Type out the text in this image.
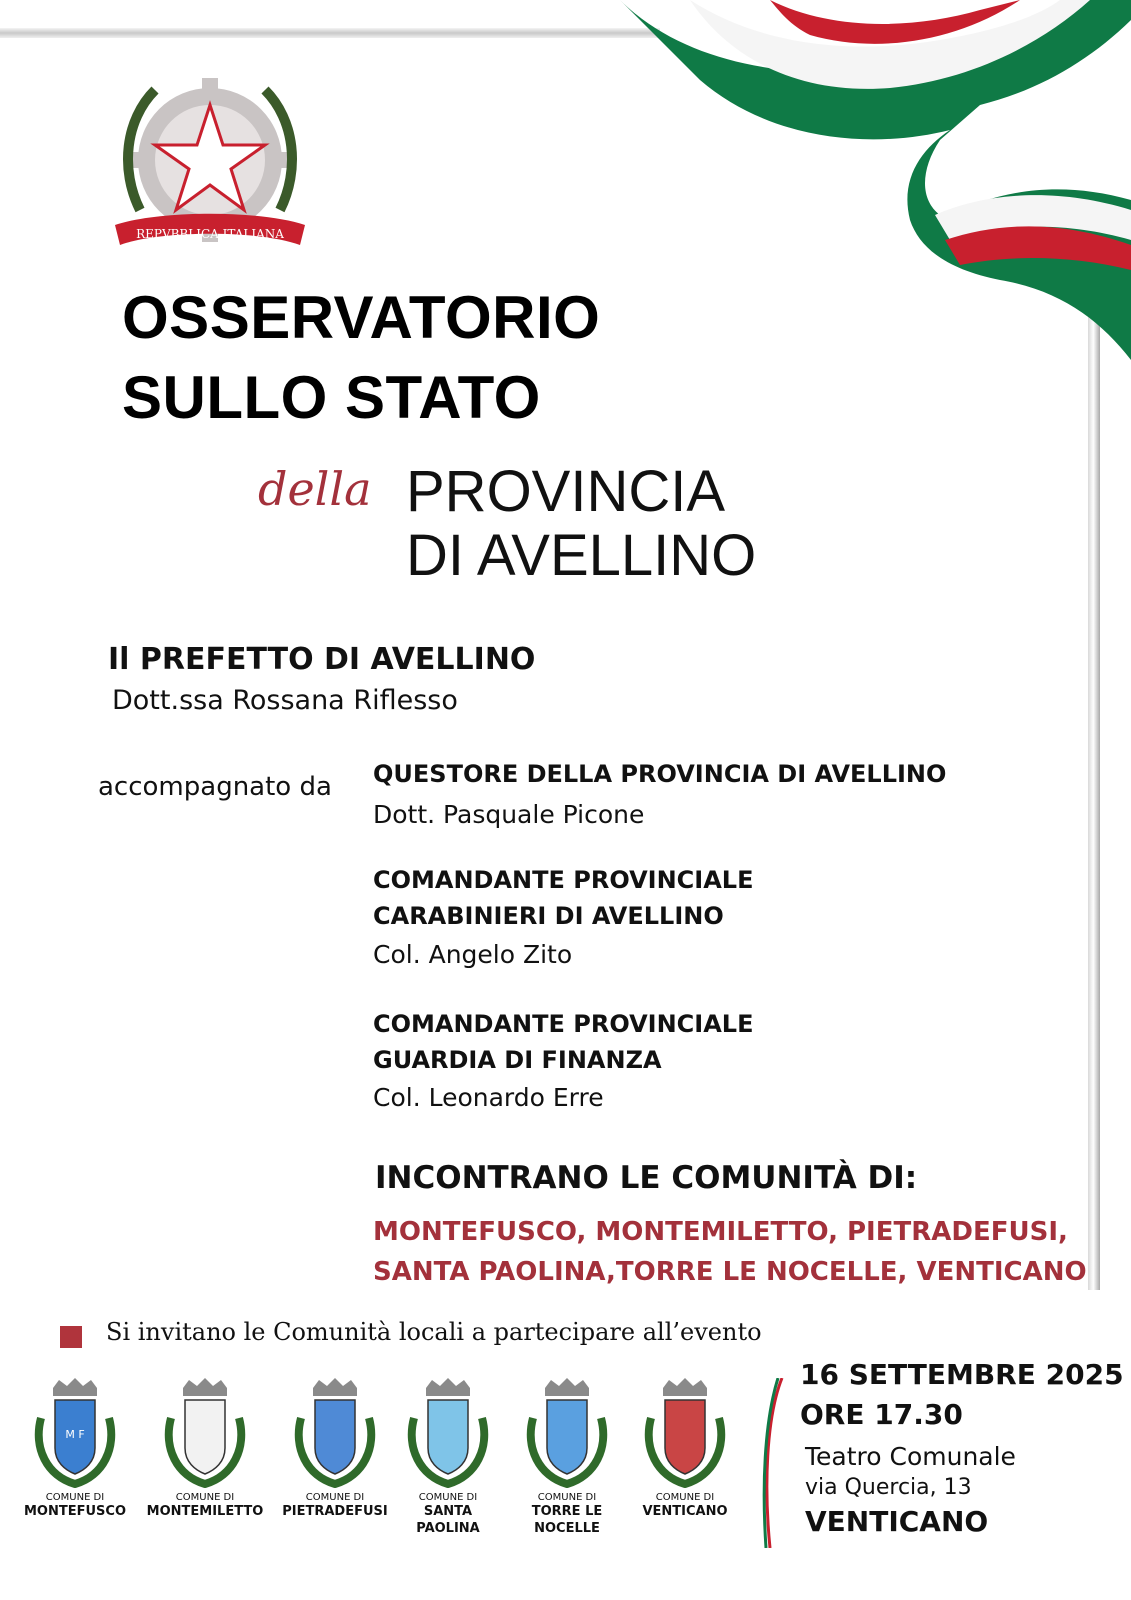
REPVBBLICA ITALIANA
OSSERVATORIO
SULLO STATO
della PROVINCIA
DI AVELLINO
Il PREFETTO DI AVELLINO
Dott.ssa Rossana Riflesso
accompagnato da QUESTORE DELLA PROVINCIA DI AVELLINO
Dott. Pasquale Picone
COMANDANTE PROVINCIALE
CARABINIERI DI AVELLINO
Col. Angelo Zito
COMANDANTE PROVINCIALE
GUARDIA DI FINANZA
Col. Leonardo Erre
INCONTRANO LE COMUNITÀ DI:
MONTEFUSCO, MONTEMILETTO, PIETRADEFUSI,
SANTA PAOLINA,TORRE LE NOCELLE, VENTICANO
Si invitano le Comunità locali a partecipare all’evento
M F
COMUNE DI
MONTEFUSCO
COMUNE DI
MONTEMILETTO
COMUNE DI
PIETRADEFUSI
COMUNE DI
SANTA
PAOLINA
COMUNE DI
TORRE LE
NOCELLE
COMUNE DI
VENTICANO
16 SETTEMBRE 2025
ORE 17.30
Teatro Comunale
via Quercia, 13
VENTICANO
